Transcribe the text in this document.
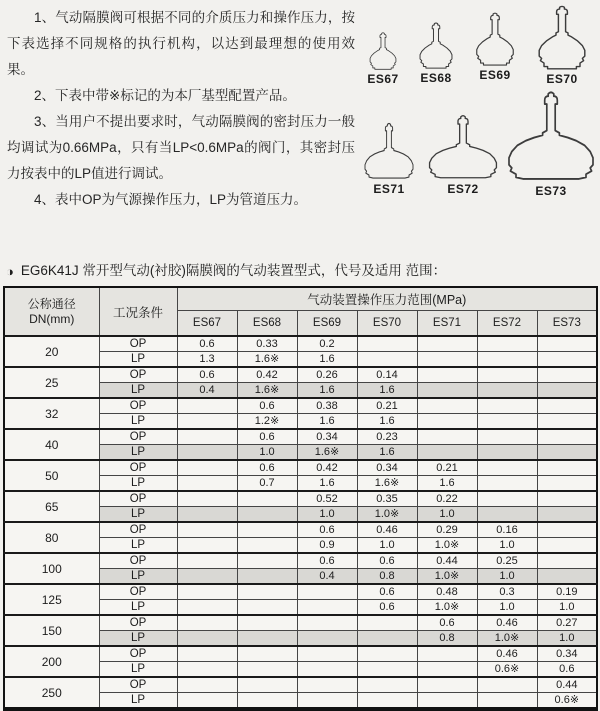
1、气动隔膜阀可根据不同的介质压力和操作压力，按下表选择不同规格的执行机构，以达到最理想的使用效果。

2、下表中带※标记的为本厂基型配置产品。

3、当用户不提出要求时，气动隔膜阀的密封压力一般均调试为0.66MPa，只有当LP<0.6MPa的阀门，其密封压力按表中的LP值进行调试。

4、表中OP为气源操作压力，LP为管道压力。

ES67	ES68	ES69	ES70
ES71	ES72	ES73
◑ EG6K41J 常开型气动(衬胶)隔膜阀的气动装置型式，代号及适用 范围：
公称通径
DN(mm)	工况条件	气动装置操作压力范围(MPa)						
		ES67	ES68	ES69	ES70	ES71	ES72	ES73
20	OP	0.6	0.33	0.2				
	LP	1.3	1.6※	1.6				
25	OP	0.6	0.42	0.26	0.14			
	LP	0.4	1.6※	1.6	1.6			
32	OP		0.6	0.38	0.21			
	LP		1.2※	1.6	1.6			
40	OP		0.6	0.34	0.23			
	LP		1.0	1.6※	1.6			
50	OP		0.6	0.42	0.34	0.21		
	LP		0.7	1.6	1.6※	1.6		
65	OP			0.52	0.35	0.22		
	LP			1.0	1.0※	1.0		
80	OP			0.6	0.46	0.29	0.16	
	LP			0.9	1.0	1.0※	1.0	
100	OP			0.6	0.6	0.44	0.25	
	LP			0.4	0.8	1.0※	1.0	
125	OP				0.6	0.48	0.3	0.19
	LP				0.6	1.0※	1.0	1.0
150	OP					0.6	0.46	0.27
	LP					0.8	1.0※	1.0
200	OP						0.46	0.34
	LP						0.6※	0.6
250	OP							0.44
	LP							0.6※
